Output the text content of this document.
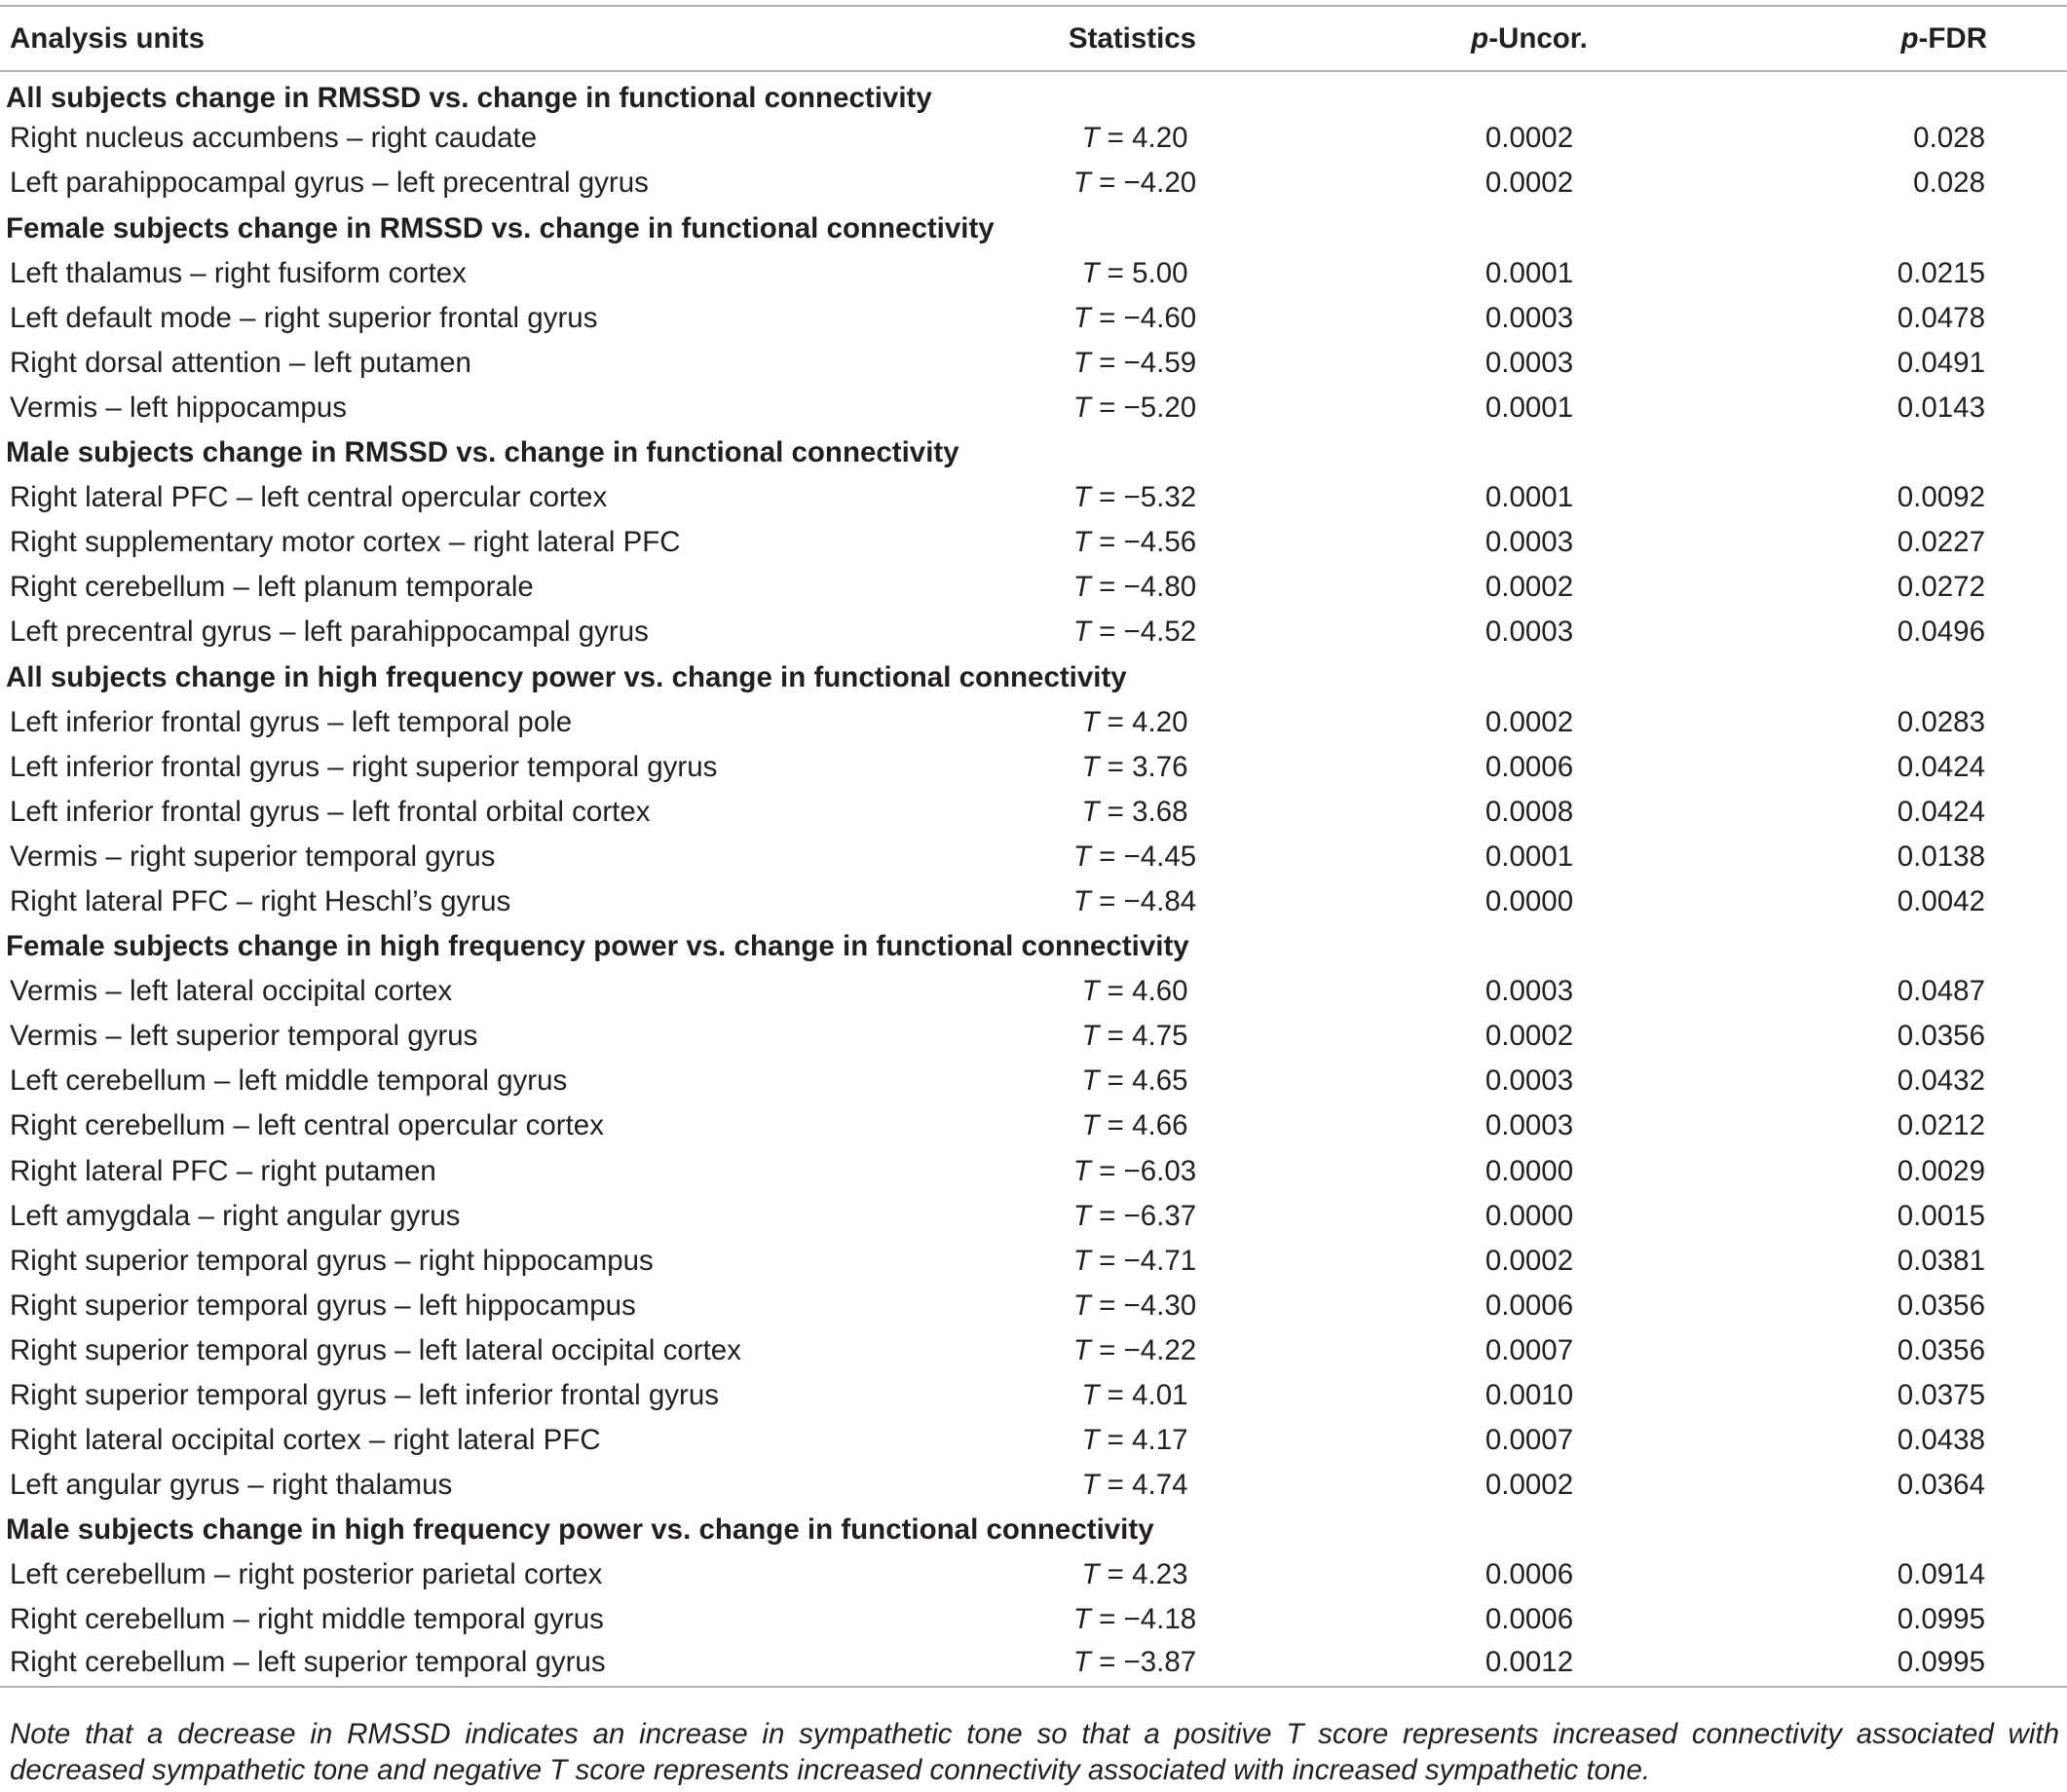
Analysis units	Statistics	p-Uncor.	p-FDR
All subjects change in RMSSD vs. change in functional connectivity			
Right nucleus accumbens – right caudate	T = 4.20	0.0002	0.028
Left parahippocampal gyrus – left precentral gyrus	T = −4.20	0.0002	0.028
Female subjects change in RMSSD vs. change in functional connectivity			
Left thalamus – right fusiform cortex	T = 5.00	0.0001	0.0215
Left default mode – right superior frontal gyrus	T = −4.60	0.0003	0.0478
Right dorsal attention – left putamen	T = −4.59	0.0003	0.0491
Vermis – left hippocampus	T = −5.20	0.0001	0.0143
Male subjects change in RMSSD vs. change in functional connectivity			
Right lateral PFC – left central opercular cortex	T = −5.32	0.0001	0.0092
Right supplementary motor cortex – right lateral PFC	T = −4.56	0.0003	0.0227
Right cerebellum – left planum temporale	T = −4.80	0.0002	0.0272
Left precentral gyrus – left parahippocampal gyrus	T = −4.52	0.0003	0.0496
All subjects change in high frequency power vs. change in functional connectivity			
Left inferior frontal gyrus – left temporal pole	T = 4.20	0.0002	0.0283
Left inferior frontal gyrus – right superior temporal gyrus	T = 3.76	0.0006	0.0424
Left inferior frontal gyrus – left frontal orbital cortex	T = 3.68	0.0008	0.0424
Vermis – right superior temporal gyrus	T = −4.45	0.0001	0.0138
Right lateral PFC – right Heschl’s gyrus	T = −4.84	0.0000	0.0042
Female subjects change in high frequency power vs. change in functional connectivity			
Vermis – left lateral occipital cortex	T = 4.60	0.0003	0.0487
Vermis – left superior temporal gyrus	T = 4.75	0.0002	0.0356
Left cerebellum – left middle temporal gyrus	T = 4.65	0.0003	0.0432
Right cerebellum – left central opercular cortex	T = 4.66	0.0003	0.0212
Right lateral PFC – right putamen	T = −6.03	0.0000	0.0029
Left amygdala – right angular gyrus	T = −6.37	0.0000	0.0015
Right superior temporal gyrus – right hippocampus	T = −4.71	0.0002	0.0381
Right superior temporal gyrus – left hippocampus	T = −4.30	0.0006	0.0356
Right superior temporal gyrus – left lateral occipital cortex	T = −4.22	0.0007	0.0356
Right superior temporal gyrus – left inferior frontal gyrus	T = 4.01	0.0010	0.0375
Right lateral occipital cortex – right lateral PFC	T = 4.17	0.0007	0.0438
Left angular gyrus – right thalamus	T = 4.74	0.0002	0.0364
Male subjects change in high frequency power vs. change in functional connectivity			
Left cerebellum – right posterior parietal cortex	T = 4.23	0.0006	0.0914
Right cerebellum – right middle temporal gyrus	T = −4.18	0.0006	0.0995
Right cerebellum – left superior temporal gyrus	T = −3.87	0.0012	0.0995
Note that a decrease in RMSSD indicates an increase in sympathetic tone so that a positive T score represents increased connectivity associated with decreased sympathetic tone and negative T score represents increased connectivity associated with increased sympathetic tone.
